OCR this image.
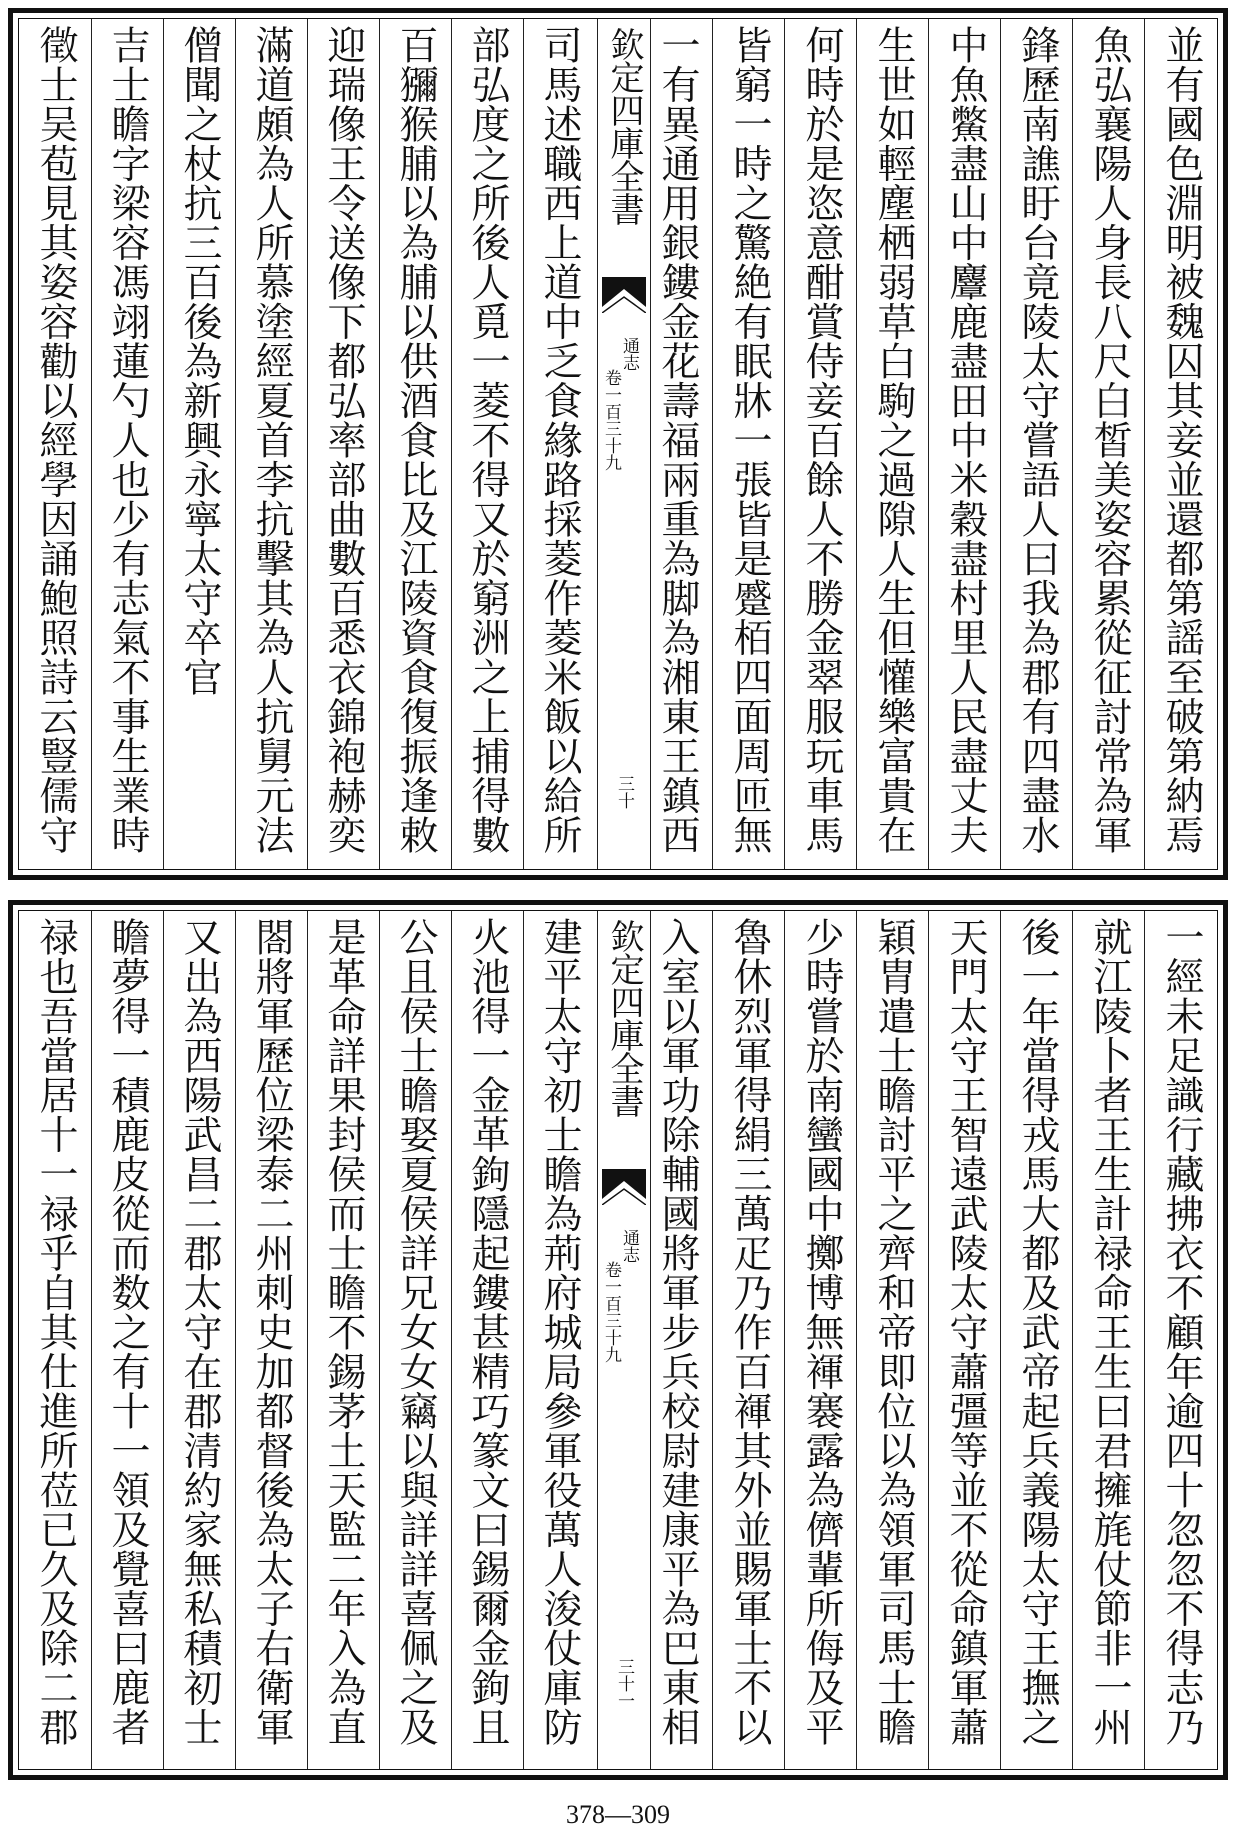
並有國色淵明被魏囚其妾並還都第謡至破第納焉
魚弘襄陽人身長八尺白皙美姿容累從征討常為軍
鋒歷南譙盱台竟陵太守嘗語人曰我為郡有四盡水
中魚鱉盡山中麞鹿盡田中米穀盡村里人民盡丈夫
生世如輕塵栖弱草白駒之過隙人生但懽樂富貴在
何時於是恣意酣賞侍妾百餘人不勝金翠服玩車馬
皆窮一時之驚絶有眠牀一張皆是蹙栢四面周匝無
一有異通用銀鏤金花壽福兩重為脚為湘東王鎮西
欽定四庫全書
通志
卷一百三十九
三十
司馬述職西上道中乏食緣路採菱作菱米飯以給所
部弘度之所後人覓一菱不得又於窮洲之上捕得數
百獼猴脯以為脯以供酒食比及江陵資食復振逢敕
迎瑞像王令送像下都弘率部曲數百悉衣錦袍赫奕
滿道頗為人所慕塗經夏首李抗擊其為人抗舅元法
僧聞之杖抗三百後為新興永寧太守卒官
吉士瞻字梁容馮翊蓮勺人也少有志氣不事生業時
徵士吴苞見其姿容勸以經學因誦鮑照詩云豎儒守
一經未足識行藏拂衣不顧年逾四十忽忽不得志乃
就江陵卜者王生計禄命王生曰君擁旄仗節非一州
後一年當得戎馬大都及武帝起兵義陽太守王撫之
天門太守王智遠武陵太守蕭彊等並不從命鎮軍蕭
穎胄遣士瞻討平之齊和帝即位以為領軍司馬士瞻
少時嘗於南蠻國中擲博無褌褰露為儕輩所侮及平
魯休烈軍得絹三萬疋乃作百褌其外並賜軍士不以
入室以軍功除輔國將軍步兵校尉建康平為巴東相
欽定四庫全書
通志
卷一百三十九
三十一
建平太守初士瞻為荊府城局參軍役萬人浚仗庫防
火池得一金革鉤隱起鏤甚精巧篆文曰錫爾金鉤且
公且侯士瞻娶夏侯詳兄女女竊以與詳詳喜佩之及
是革命詳果封侯而士瞻不錫茅土天監二年入為直
閤將軍歷位梁泰二州刺史加都督後為太子右衛軍
又出為西陽武昌二郡太守在郡清約家無私積初士
瞻夢得一積鹿皮從而数之有十一領及覺喜曰鹿者
禄也吾當居十一禄乎自其仕進所莅已久及除二郡
378—309
